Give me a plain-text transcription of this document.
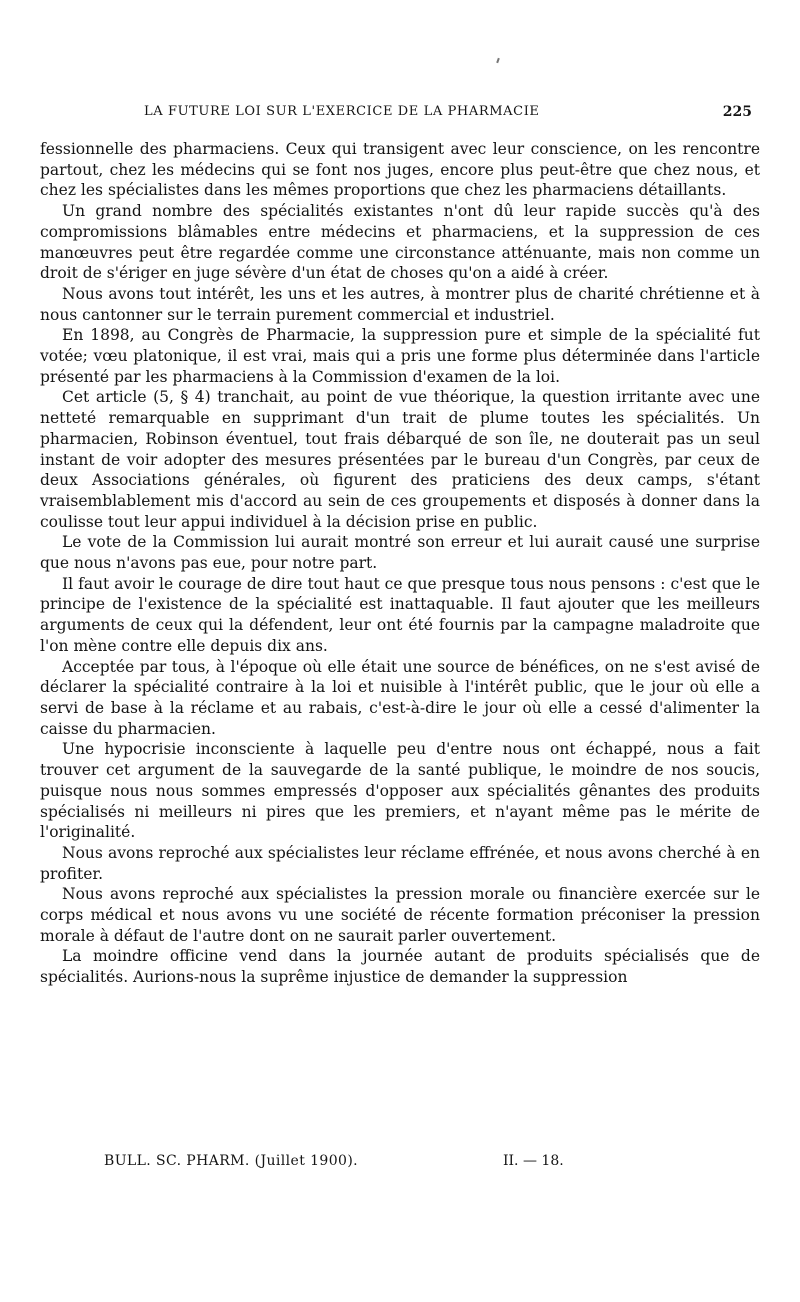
LA FUTURE LOI SUR L'EXERCICE DE LA PHARMACIE	225

fessionnelle des pharmaciens. Ceux qui transigent avec leur conscience, on les rencontre partout, chez les médecins qui se font nos juges, encore plus peut-être que chez nous, et chez les spécialistes dans les mêmes proportions que chez les pharmaciens détaillants.

Un grand nombre des spécialités existantes n'ont dû leur rapide succès qu'à des compromissions blâmables entre médecins et pharmaciens, et la suppression de ces manœuvres peut être regardée comme une circonstance atténuante, mais non comme un droit de s'ériger en juge sévère d'un état de choses qu'on a aidé à créer.

Nous avons tout intérêt, les uns et les autres, à montrer plus de charité chrétienne et à nous cantonner sur le terrain purement commercial et industriel.

En 1898, au Congrès de Pharmacie, la suppression pure et simple de la spécialité fut votée; vœu platonique, il est vrai, mais qui a pris une forme plus déterminée dans l'article présenté par les pharmaciens à la Commission d'examen de la loi.

Cet article (5, § 4) tranchait, au point de vue théorique, la question irritante avec une netteté remarquable en supprimant d'un trait de plume toutes les spécialités. Un pharmacien, Robinson éventuel, tout frais débarqué de son île, ne douterait pas un seul instant de voir adopter des mesures présentées par le bureau d'un Congrès, par ceux de deux Associations générales, où figurent des praticiens des deux camps, s'étant vraisemblablement mis d'accord au sein de ces groupements et disposés à donner dans la coulisse tout leur appui individuel à la décision prise en public.

Le vote de la Commission lui aurait montré son erreur et lui aurait causé une surprise que nous n'avons pas eue, pour notre part.

Il faut avoir le courage de dire tout haut ce que presque tous nous pensons : c'est que le principe de l'existence de la spécialité est inattaquable. Il faut ajouter que les meilleurs arguments de ceux qui la défendent, leur ont été fournis par la campagne maladroite que l'on mène contre elle depuis dix ans.

Acceptée par tous, à l'époque où elle était une source de bénéfices, on ne s'est avisé de déclarer la spécialité contraire à la loi et nuisible à l'intérêt public, que le jour où elle a servi de base à la réclame et au rabais, c'est-à-dire le jour où elle a cessé d'alimenter la caisse du pharmacien.

Une hypocrisie inconsciente à laquelle peu d'entre nous ont échappé, nous a fait trouver cet argument de la sauvegarde de la santé publique, le moindre de nos soucis, puisque nous nous sommes empressés d'opposer aux spécialités gênantes des produits spécialisés ni meilleurs ni pires que les premiers, et n'ayant même pas le mérite de l'originalité.

Nous avons reproché aux spécialistes leur réclame effrénée, et nous avons cherché à en profiter.

Nous avons reproché aux spécialistes la pression morale ou financière exercée sur le corps médical et nous avons vu une société de récente formation préconiser la pression morale à défaut de l'autre dont on ne saurait parler ouvertement.

La moindre officine vend dans la journée autant de produits spécialisés que de spécialités. Aurions-nous la suprême injustice de demander la suppression

BULL. SC. PHARM. (Juillet 1900).	II. — 18.
